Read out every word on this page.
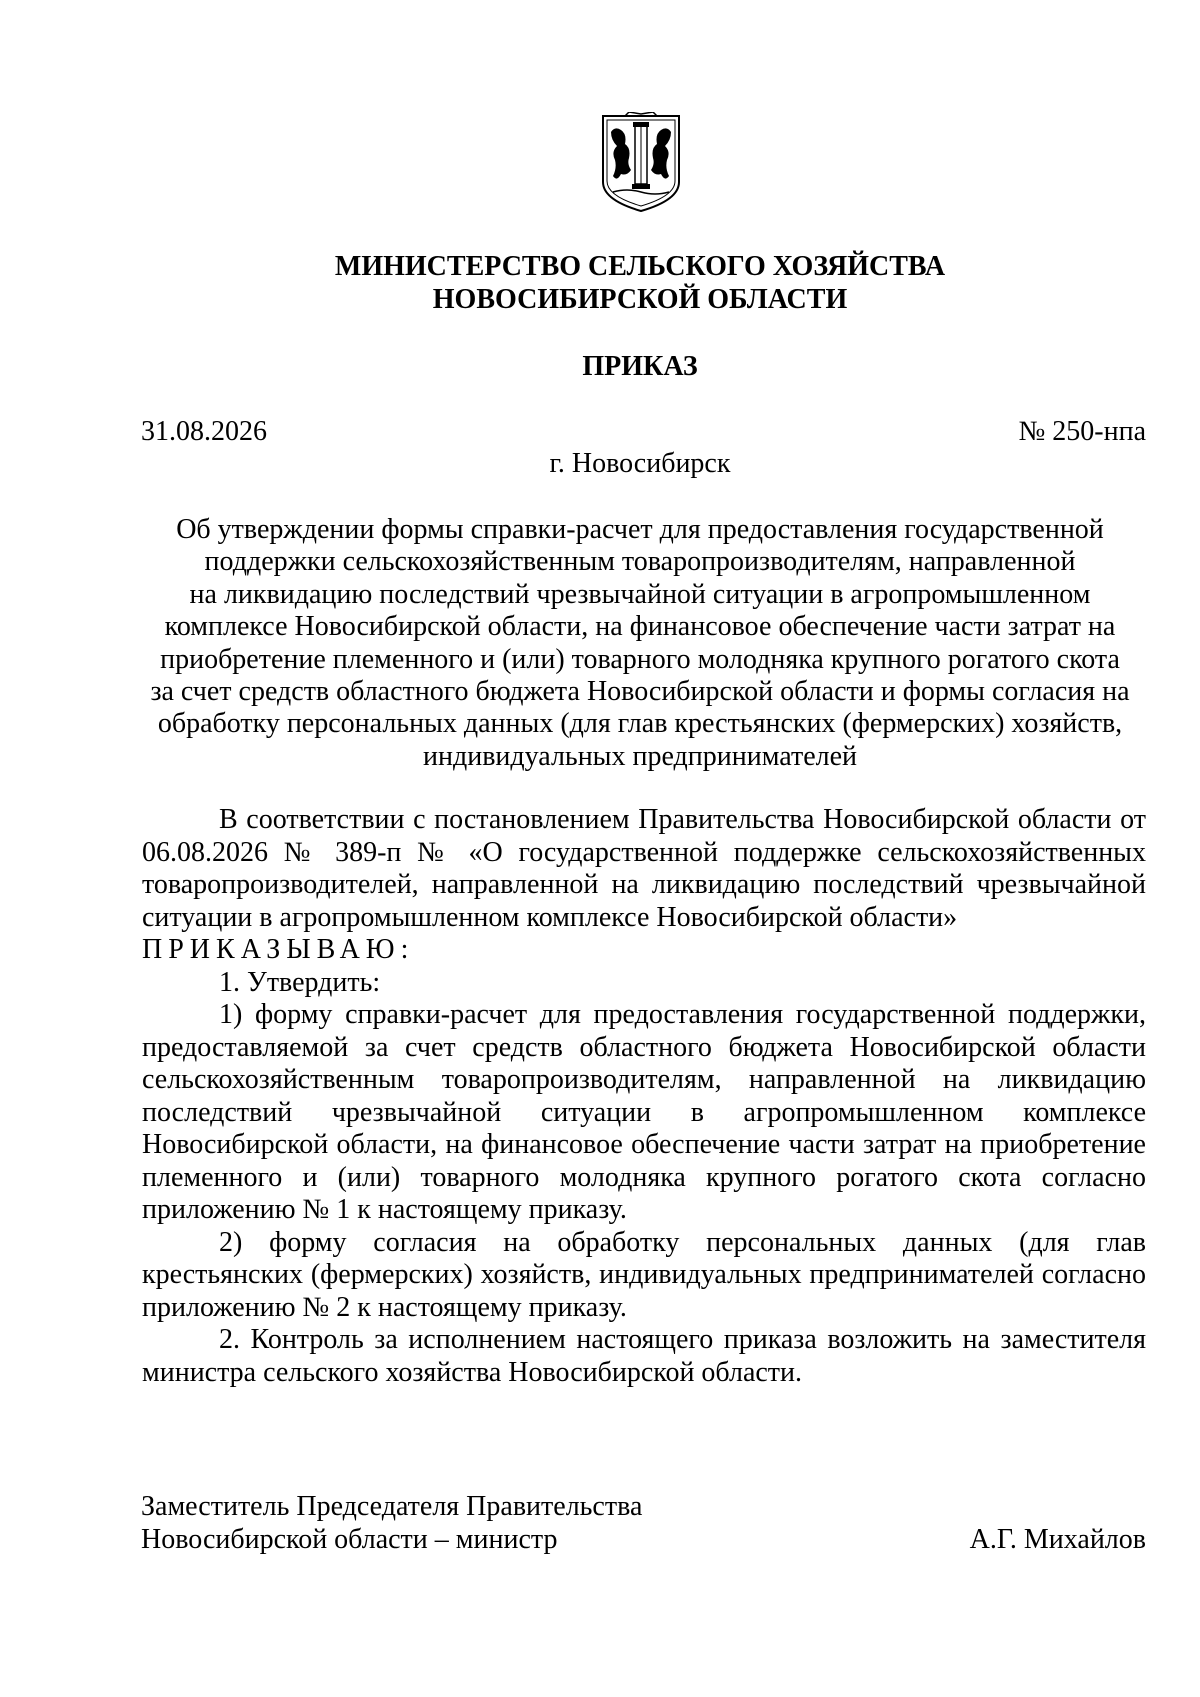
МИНИСТЕРСТВО СЕЛЬСКОГО ХОЗЯЙСТВА
НОВОСИБИРСКОЙ ОБЛАСТИ
ПРИКАЗ
31.08.2026	№ 250-нпа
г. Новосибирск
Об утверждении формы справки-расчет для предоставления государственной
поддержки сельскохозяйственным товаропроизводителям, направленной
на ликвидацию последствий чрезвычайной ситуации в агропромышленном
комплексе Новосибирской области, на финансовое обеспечение части затрат на
приобретение племенного и (или) товарного молодняка крупного рогатого скота
за счет средств областного бюджета Новосибирской области и формы согласия на
обработку персональных данных (для глав крестьянских (фермерских) хозяйств,
индивидуальных предпринимателей

В соответствии с постановлением Правительства Новосибирской области от 06.08.2026 № 389-п № «О государственной поддержке сельскохозяйственных товаропроизводителей, направленной на ликвидацию последствий чрезвычайной ситуации в агропромышленном комплексе Новосибирской области»

ПРИКАЗЫВАЮ:

1. Утвердить:

1) форму справки-расчет для предоставления государственной поддержки, предоставляемой за счет средств областного бюджета Новосибирской области сельскохозяйственным товаропроизводителям, направленной на ликвидацию последствий чрезвычайной ситуации в агропромышленном комплексе Новосибирской области, на финансовое обеспечение части затрат на приобретение племенного и (или) товарного молодняка крупного рогатого скота согласно приложению № 1 к настоящему приказу.

2) форму согласия на обработку персональных данных (для глав крестьянских (фермерских) хозяйств, индивидуальных предпринимателей согласно приложению № 2 к настоящему приказу.

2. Контроль за исполнением настоящего приказа возложить на заместителя министра сельского хозяйства Новосибирской области.

Заместитель Председателя Правительства
Новосибирской области – министр	А.Г. Михайлов
